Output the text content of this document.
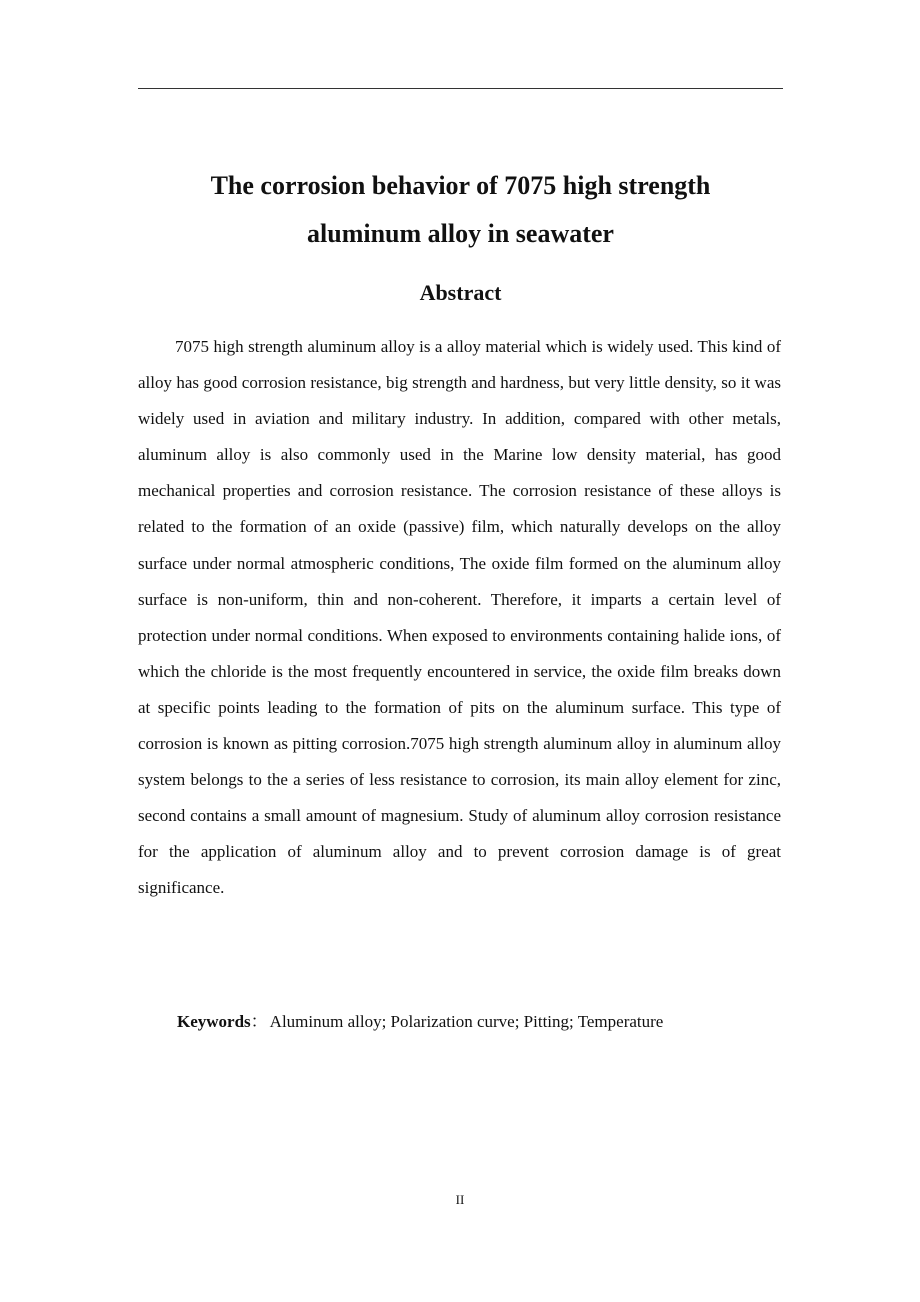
The corrosion behavior of 7075 high strength
aluminum alloy in seawater
Abstract

7075 high strength aluminum alloy is a alloy material which is widely used. This kind of alloy has good corrosion resistance, big strength and hardness, but very little density, so it was widely used in aviation and military industry. In addition, compared with other metals, aluminum alloy is also commonly used in the Marine low density material, has good mechanical properties and corrosion resistance. The corrosion resistance of these alloys is related to the formation of an oxide (passive) film, which naturally develops on the alloy surface under normal atmospheric conditions, The oxide film formed on the aluminum alloy surface is non-uniform, thin and non-coherent. Therefore, it imparts a certain level of protection under normal conditions. When exposed to environments containing halide ions, of which the chloride is the most frequently encountered in service, the oxide film breaks down at specific points leading to the formation of pits on the aluminum surface. This type of corrosion is known as pitting corrosion.7075 high strength aluminum alloy in aluminum alloy system belongs to the a series of less resistance to corrosion, its main alloy element for zinc, second contains a small amount of magnesium. Study of aluminum alloy corrosion resistance for the application of aluminum alloy and to prevent corrosion damage is of great significance.

Keywords： Aluminum alloy; Polarization curve; Pitting; Temperature

II
